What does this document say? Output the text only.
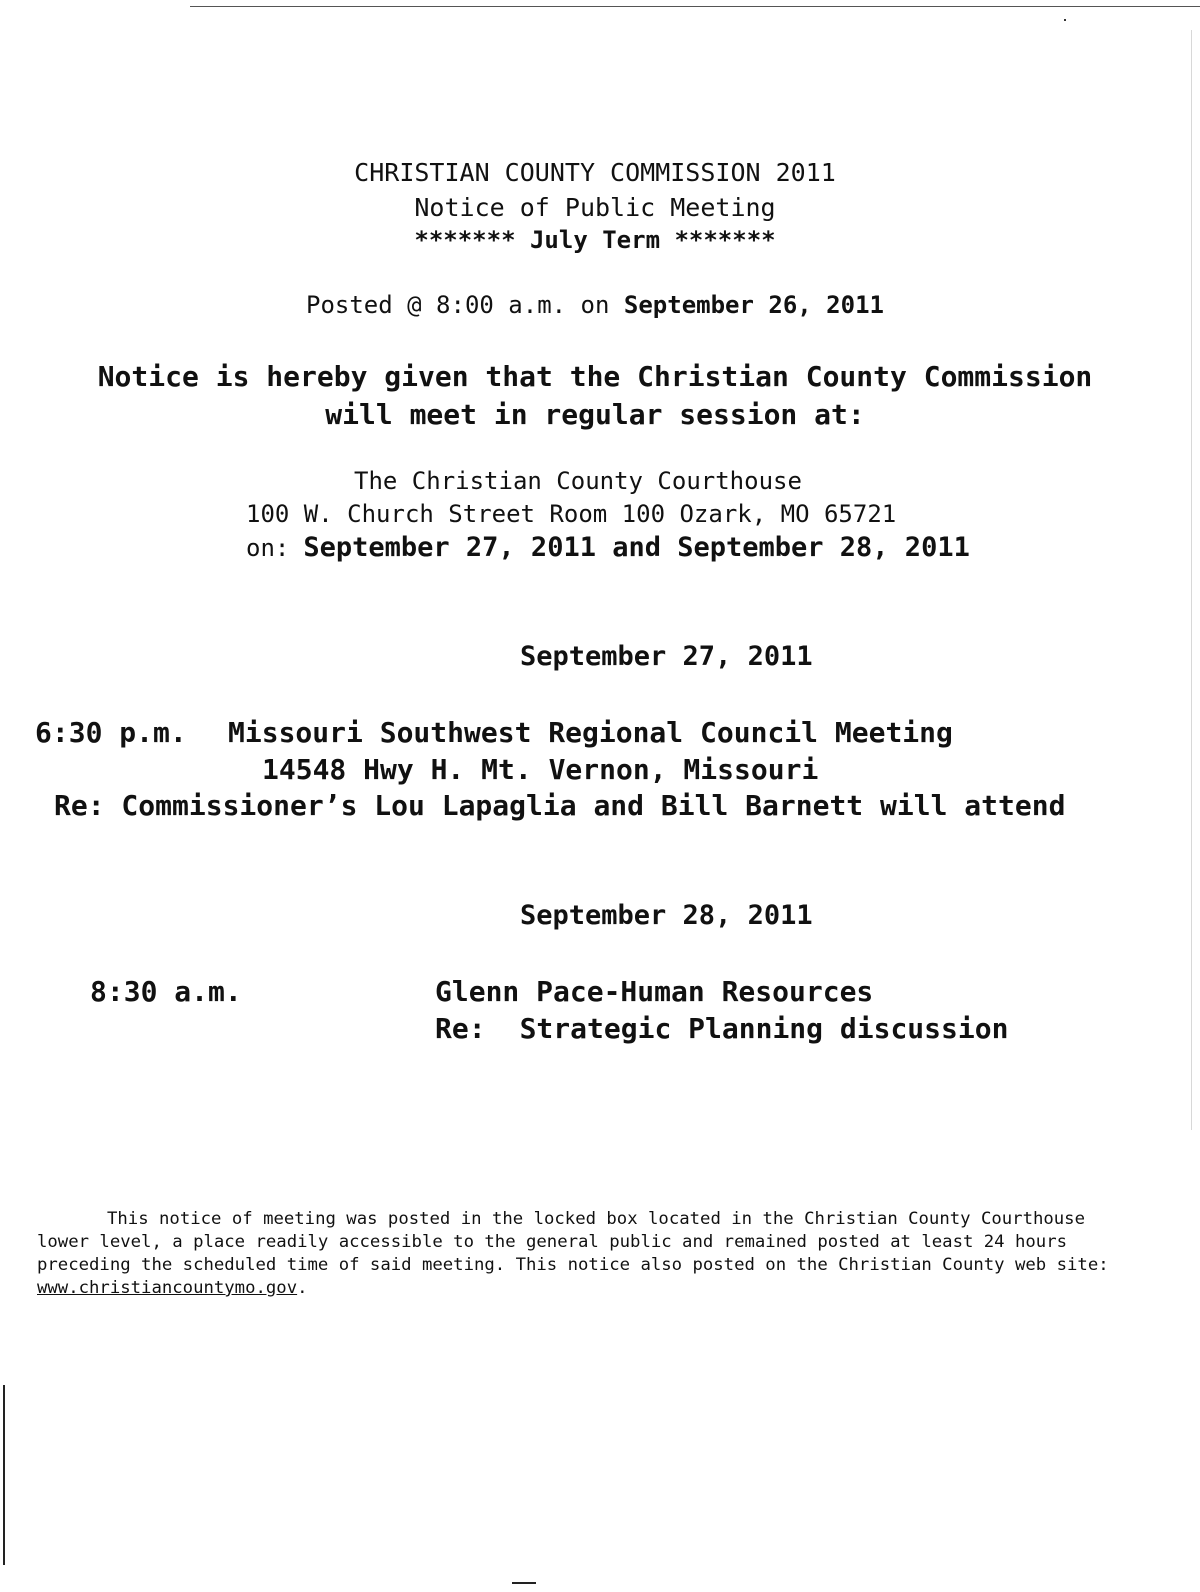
CHRISTIAN COUNTY COMMISSION 2011
Notice of Public Meeting
******* July Term *******
Posted @ 8:00 a.m. on September 26, 2011
Notice is hereby given that the Christian County Commission
will meet in regular session at:
The Christian County Courthouse
100 W. Church Street Room 100 Ozark, MO 65721
on: September 27, 2011 and September 28, 2011
September 27, 2011
6:30 p.m. Missouri Southwest Regional Council Meeting
14548 Hwy H. Mt. Vernon, Missouri
Re: Commissioner’s Lou Lapaglia and Bill Barnett will attend
September 28, 2011
8:30 a.m.	Glenn Pace-Human Resources
Re: Strategic Planning discussion
This notice of meeting was posted in the locked box located in the Christian County Courthouse lower level, a place readily accessible to the general public and remained posted at least 24 hours preceding the scheduled time of said meeting. This notice also posted on the Christian County web site: www.christiancountymo.gov.
